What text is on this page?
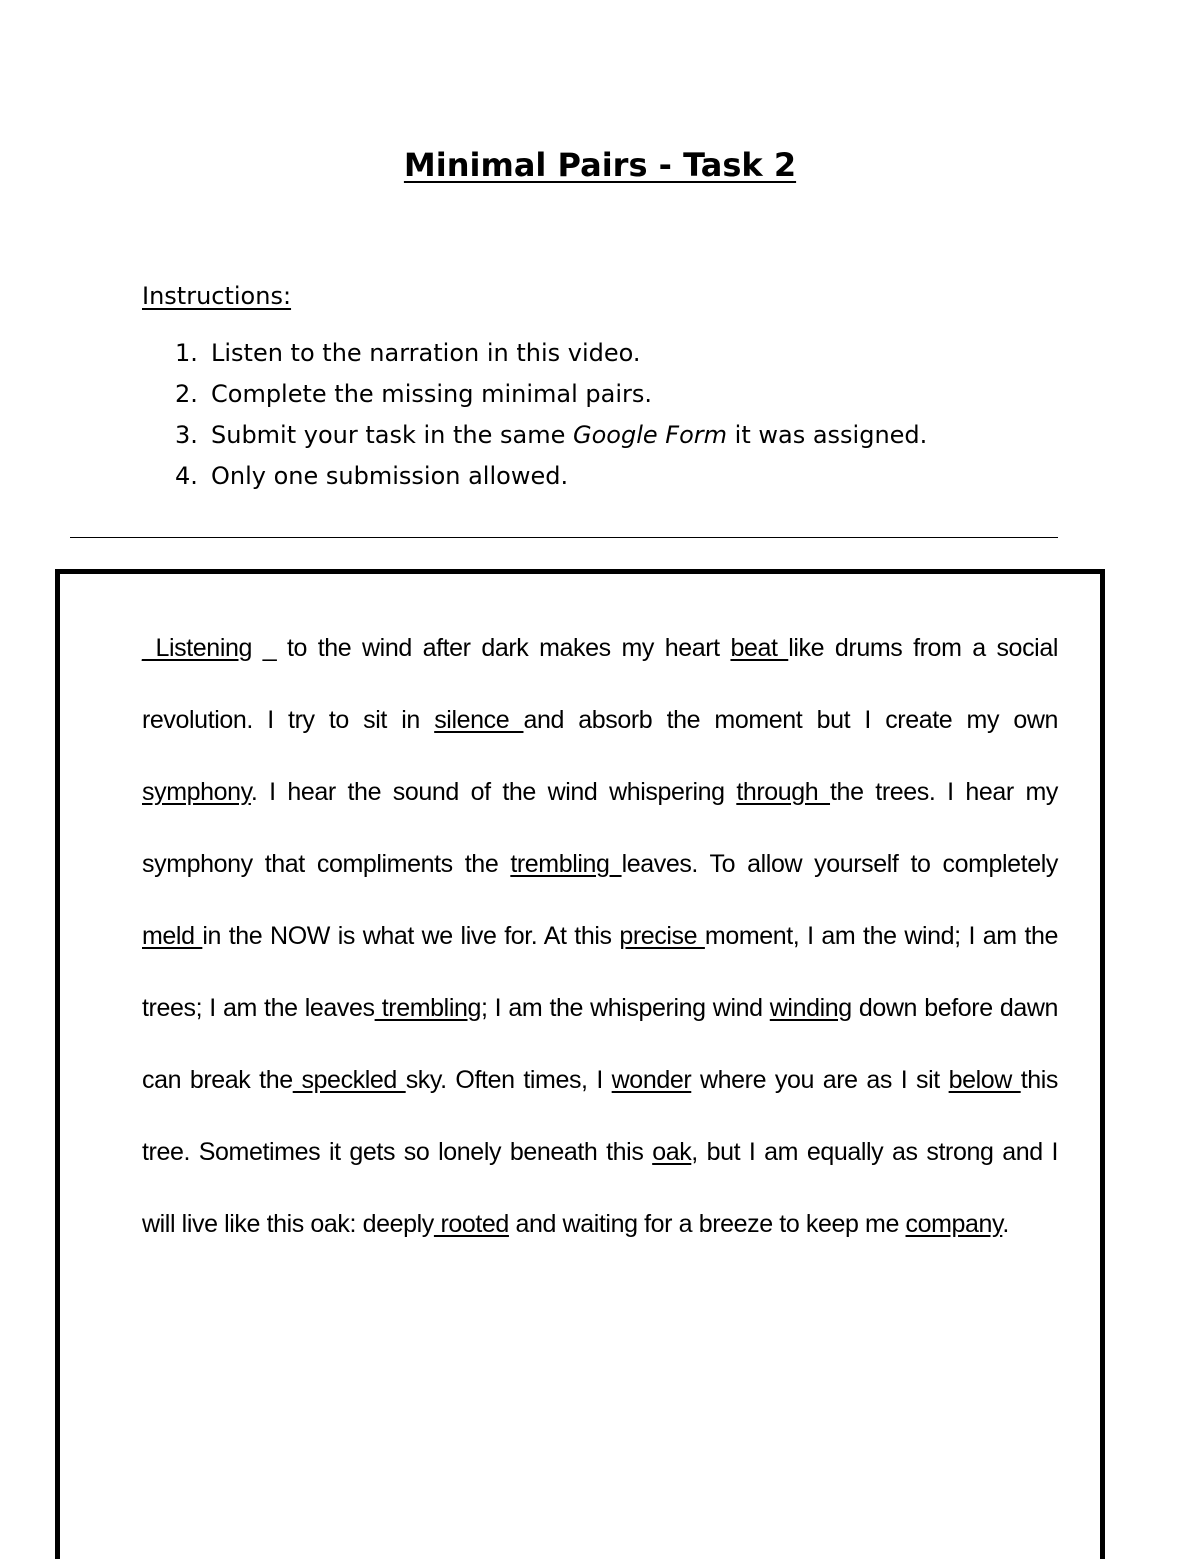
Minimal Pairs - Task 2
Instructions:
1. Listen to the narration in this video.
2. Complete the missing minimal pairs.
3. Submit your task in the same Google Form it was assigned.
4. Only one submission allowed.

_Listening _ to the wind after dark makes my heart beat like drums from a social revolution. I try to sit in silence and absorb the moment but I create my own symphony. I hear the sound of the wind whispering through the trees. I hear my symphony that compliments the trembling leaves. To allow yourself to completely meld in the NOW is what we live for. At this precise moment, I am the wind; I am the trees; I am the leaves trembling; I am the whispering wind winding down before dawn can break the speckled sky. Often times, I wonder where you are as I sit below this tree. Sometimes it gets so lonely beneath this oak, but I am equally as strong and I will live like this oak: deeply rooted and waiting for a breeze to keep me company.
